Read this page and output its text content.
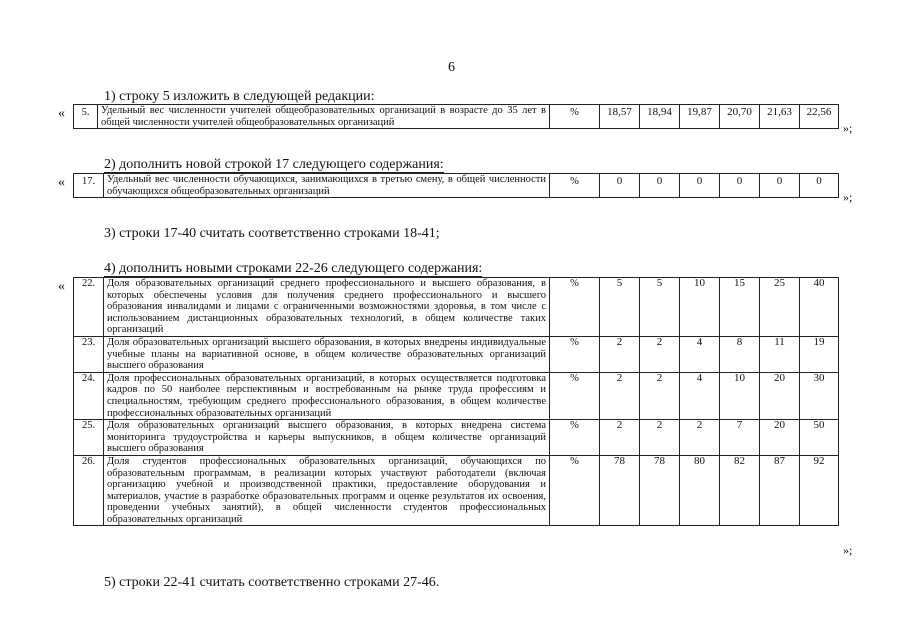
6
1) строку 5 изложить в следующей редакции:
« 5.	Удельный вес численности учителей общеобразовательных организаций в возрасте до 35 лет в общей численности учителей общеобразовательных организаций	%	18,57	18,94	19,87	20,70	21,63	22,56
»;
2) дополнить новой строкой 17 следующего содержания:
« 17.	Удельный вес численности обучающихся, занимающихся в третью смену, в общей численности обучающихся общеобразовательных организаций	%	0	0	0	0	0	0
»;
3) строки 17-40 считать соответственно строками 18-41;
4) дополнить новыми строками 22-26 следующего содержания:
« 22.	Доля образовательных организаций среднего профессионального и высшего образования, в которых обеспечены условия для получения среднего профессионального и высшего образования инвалидами и лицами с ограниченными возможностями здоровья, в том числе с использованием дистанционных образовательных технологий, в общем количестве таких организаций	%	5	5	10	15	25	40
23.	Доля образовательных организаций высшего образования, в которых внедрены индивидуальные учебные планы на вариативной основе, в общем количестве образовательных организаций высшего образования	%	2	2	4	8	11	19
24.	Доля профессиональных образовательных организаций, в которых осуществляется подготовка кадров по 50 наиболее перспективным и востребованным на рынке труда профессиям и специальностям, требующим среднего профессионального образования, в общем количестве профессиональных образовательных организаций	%	2	2	4	10	20	30
25.	Доля образовательных организаций высшего образования, в которых внедрена система мониторинга трудоустройства и карьеры выпускников, в общем количестве организаций высшего образования	%	2	2	2	7	20	50
26.	Доля студентов профессиональных образовательных организаций, обучающихся по образовательным программам, в реализации которых участвуют работодатели (включая организацию учебной и производственной практики, предоставление оборудования и материалов, участие в разработке образовательных программ и оценке результатов их освоения, проведении учебных занятий), в общей численности студентов профессиональных образовательных организаций	%	78	78	80	82	87	92
»;
5) строки 22-41 считать соответственно строками 27-46.
